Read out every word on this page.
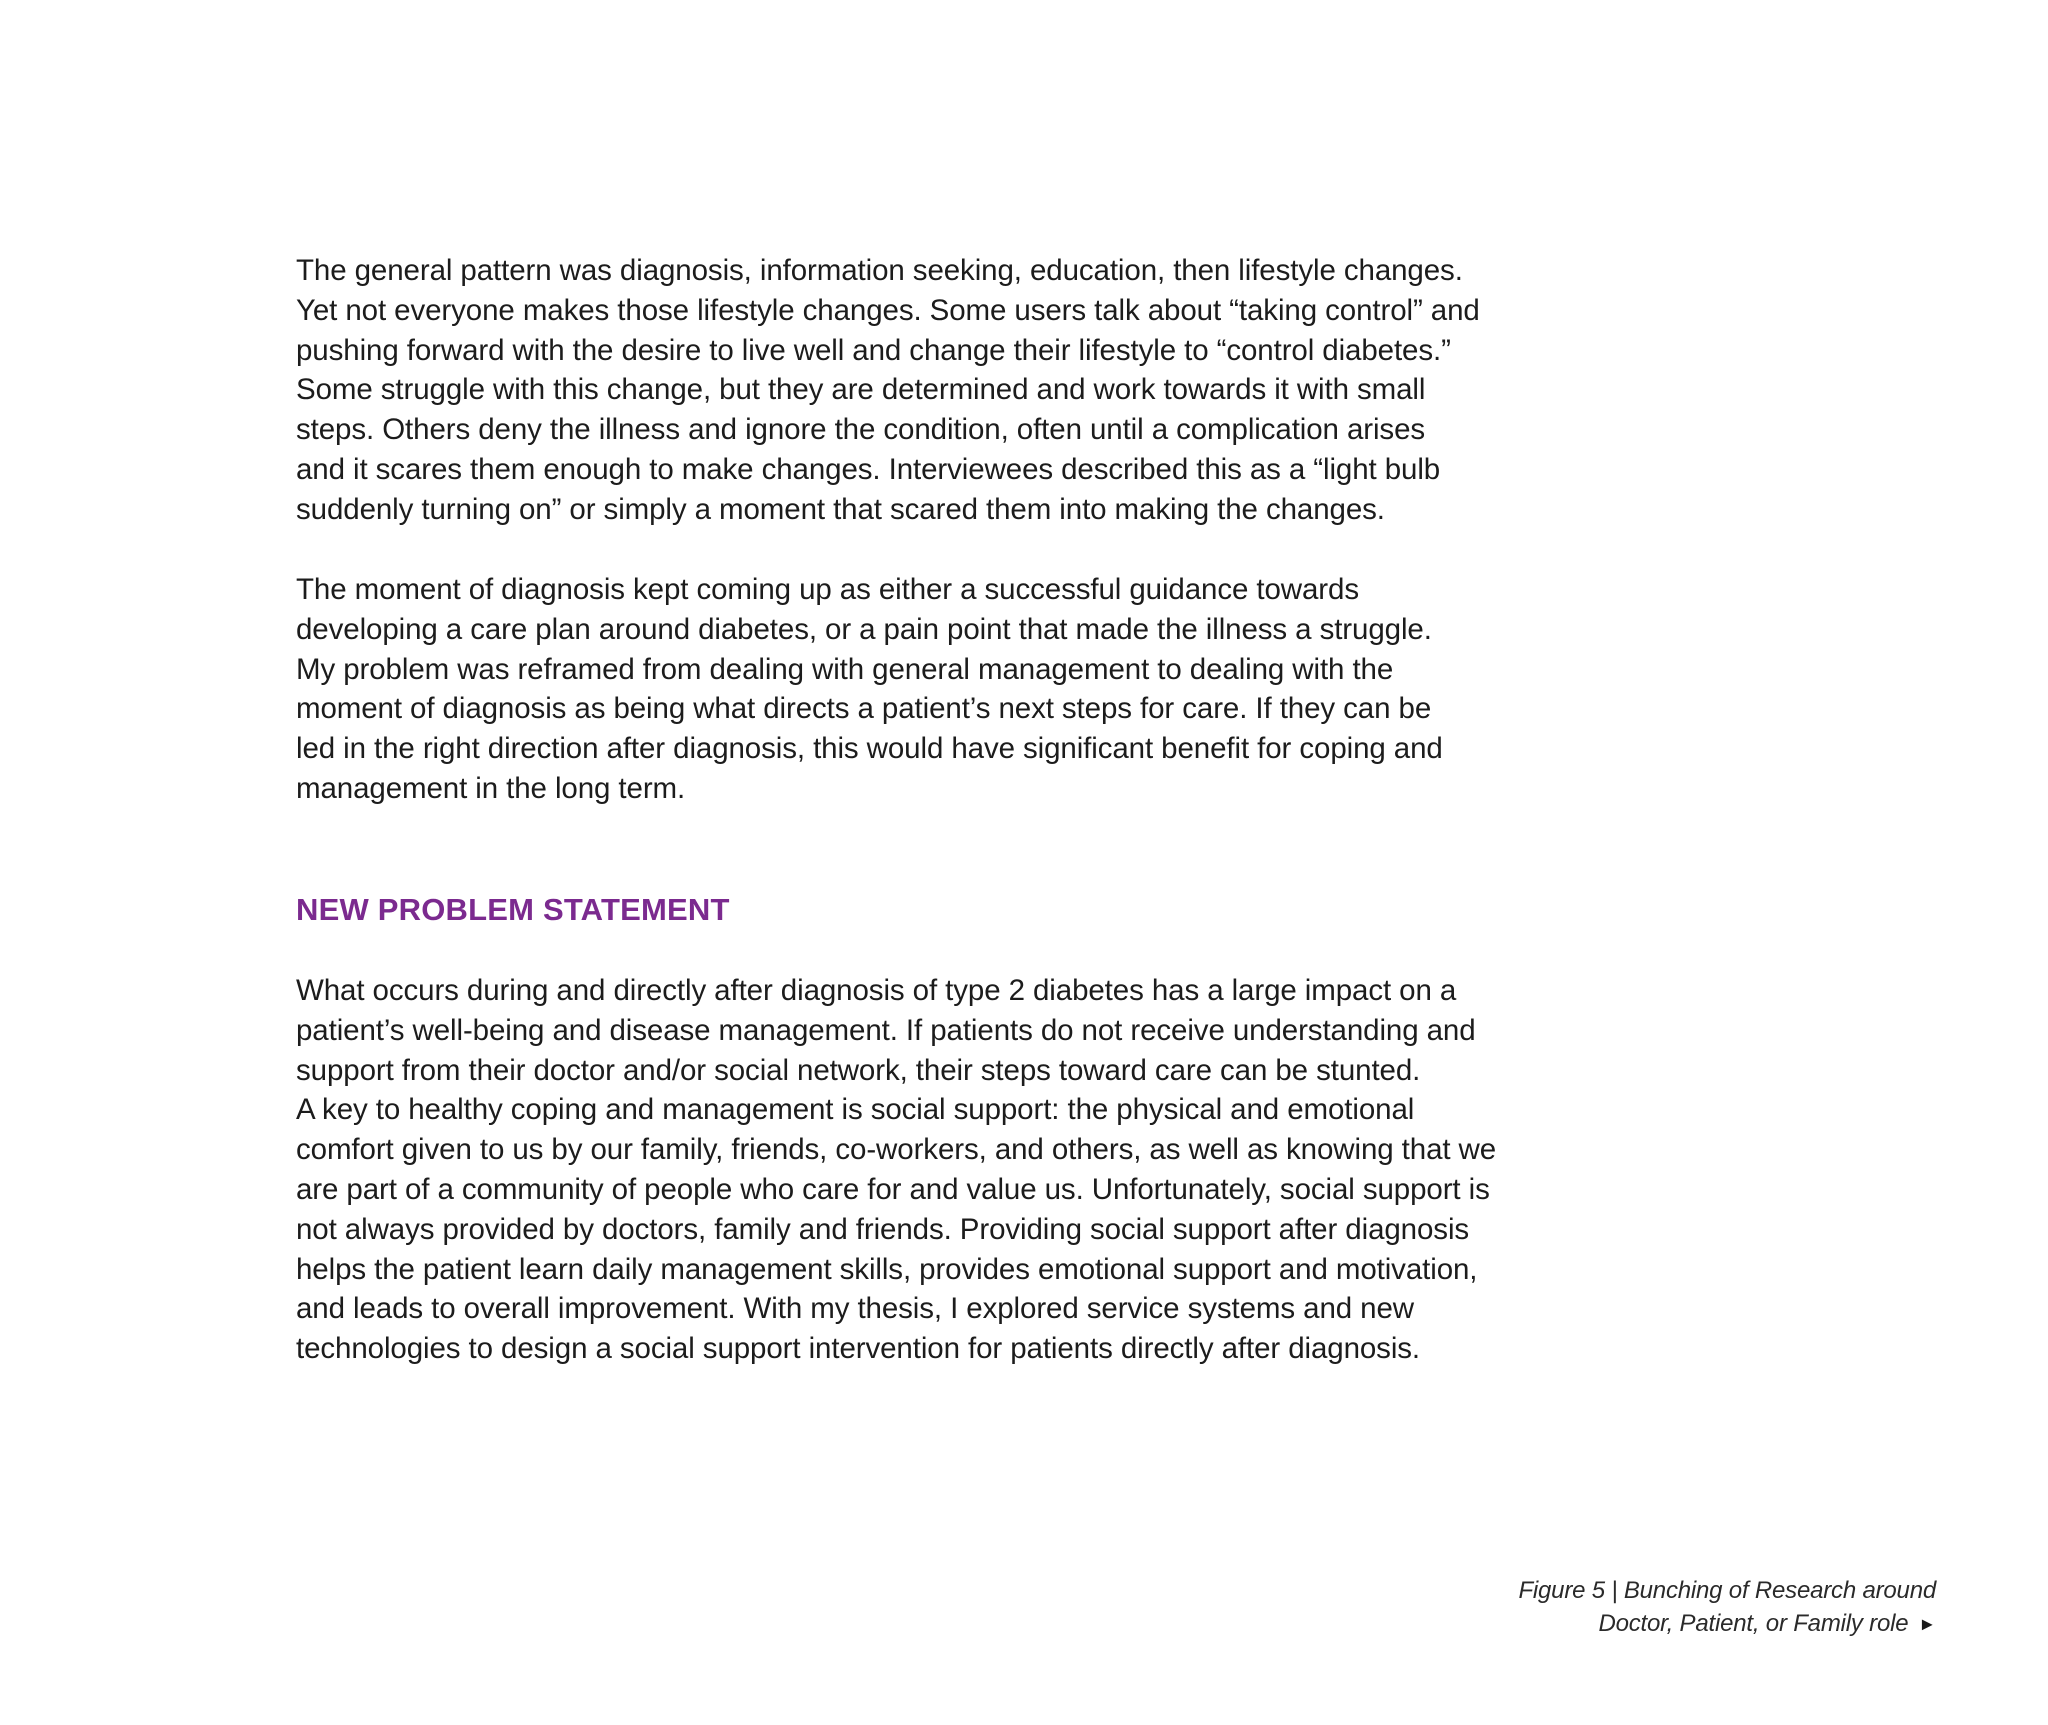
The general pattern was diagnosis, information seeking, education, then lifestyle changes.
Yet not everyone makes those lifestyle changes. Some users talk about “taking control” and
pushing forward with the desire to live well and change their lifestyle to “control diabetes.”
Some struggle with this change, but they are determined and work towards it with small
steps. Others deny the illness and ignore the condition, often until a complication arises
and it scares them enough to make changes. Interviewees described this as a “light bulb
suddenly turning on” or simply a moment that scared them into making the changes.
The moment of diagnosis kept coming up as either a successful guidance towards
developing a care plan around diabetes, or a pain point that made the illness a struggle.
My problem was reframed from dealing with general management to dealing with the
moment of diagnosis as being what directs a patient’s next steps for care. If they can be
led in the right direction after diagnosis, this would have significant benefit for coping and
management in the long term.
NEW PROBLEM STATEMENT
What occurs during and directly after diagnosis of type 2 diabetes has a large impact on a
patient’s well-being and disease management. If patients do not receive understanding and
support from their doctor and/or social network, their steps toward care can be stunted.
A key to healthy coping and management is social support: the physical and emotional
comfort given to us by our family, friends, co-workers, and others, as well as knowing that we
are part of a community of people who care for and value us. Unfortunately, social support is
not always provided by doctors, family and friends. Providing social support after diagnosis
helps the patient learn daily management skills, provides emotional support and motivation,
and leads to overall improvement. With my thesis, I explored service systems and new
technologies to design a social support intervention for patients directly after diagnosis.
Figure 5 | Bunching of Research around
Doctor, Patient, or Family role ►
